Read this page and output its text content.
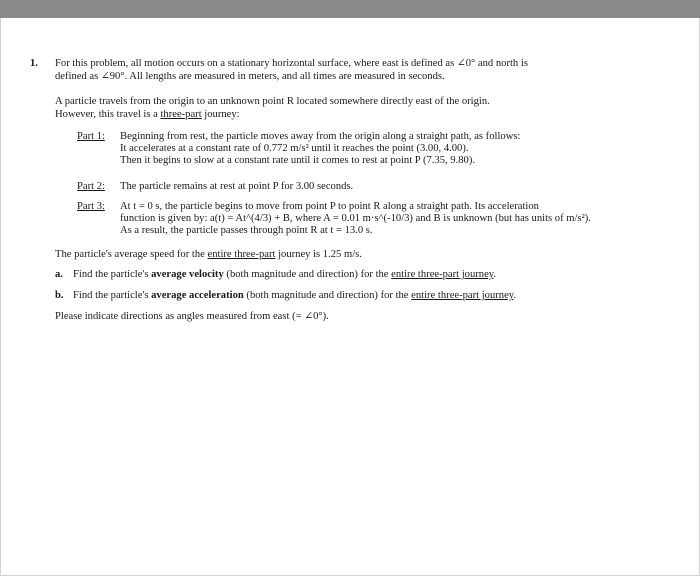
1. For this problem, all motion occurs on a stationary horizontal surface, where east is defined as ∠0° and north is
defined as ∠90°. All lengths are measured in meters, and all times are measured in seconds.
A particle travels from the origin to an unknown point R located somewhere directly east of the origin.
However, this travel is a three-part journey:
Part 1: Beginning from rest, the particle moves away from the origin along a straight path, as follows:
It accelerates at a constant rate of 0.772 m/s² until it reaches the point (3.00, 4.00).
Then it begins to slow at a constant rate until it comes to rest at point P (7.35, 9.80).
Part 2: The particle remains at rest at point P for 3.00 seconds.
Part 3: At t = 0 s, the particle begins to move from point P to point R along a straight path. Its acceleration
function is given by: a(t) = At^(4/3) + B, where A = 0.01 m·s^(-10/3) and B is unknown (but has units of m/s²).
As a result, the particle passes through point R at t = 13.0 s.
The particle's average speed for the entire three-part journey is 1.25 m/s.
a. Find the particle's average velocity (both magnitude and direction) for the entire three-part journey.
b. Find the particle's average acceleration (both magnitude and direction) for the entire three-part journey.
Please indicate directions as angles measured from east (= ∠0°).
